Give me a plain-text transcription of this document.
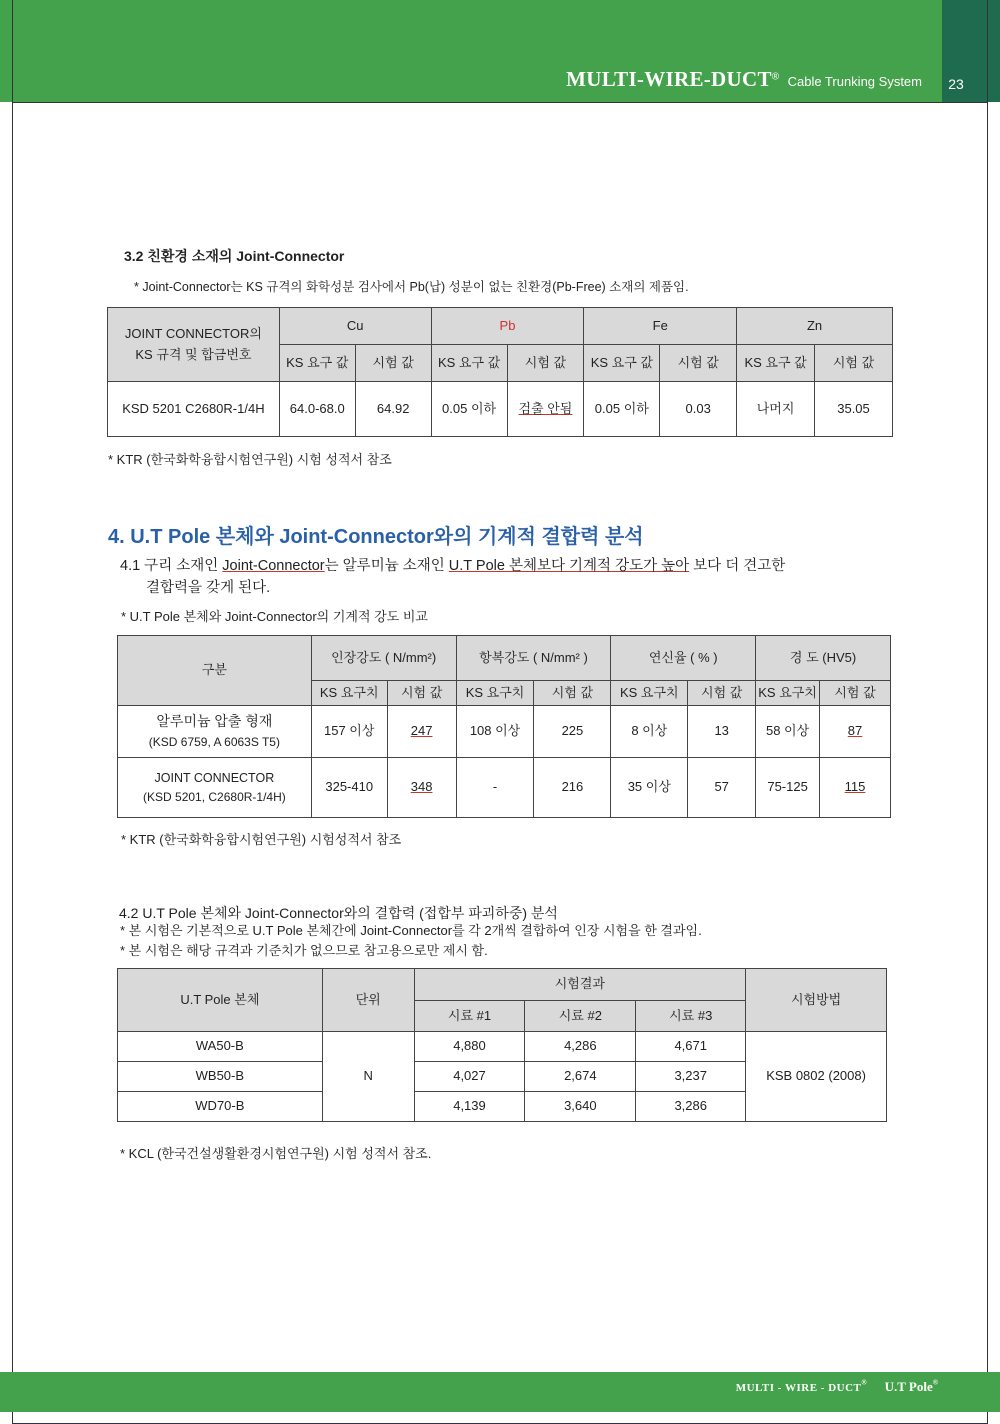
MULTI-WIRE-DUCT® Cable Trunking System	23
3.2 친환경 소재의 Joint-Connector
* Joint-Connector는 KS 규격의 화학성분 검사에서 Pb(납) 성분이 없는 친환경(Pb-Free) 소재의 제품임.
JOINT CONNECTOR의
KS 규격 및 합금번호	Cu		Pb		Fe		Zn	
	KS 요구 값	시험 값	KS 요구 값	시험 값	KS 요구 값	시험 값	KS 요구 값	시험 값
KSD 5201 C2680R-1/4H	64.0-68.0	64.92	0.05 이하	검출 안됨	0.05 이하	0.03	나머지	35.05
* KTR (한국화학융합시험연구원) 시험 성적서 참조
4. U.T Pole 본체와 Joint-Connector와의 기계적 결합력 분석
4.1 구리 소재인 Joint-Connector는 알루미늄 소재인 U.T Pole 본체보다 기계적 강도가 높아 보다 더 견고한
결합력을 갖게 된다.
* U.T Pole 본체와 Joint-Connector의 기계적 강도 비교
구분	인장강도 ( N/mm²)		항복강도 ( N/mm² )		연신율 ( % )		경 도 (HV5)	
	KS 요구치	시험 값	KS 요구치	시험 값	KS 요구치	시험 값	KS 요구치	시험 값

알루미늄 압출 형재
(KSD 6759, A 6063S T5)	157 이상	247	108 이상	225	8 이상	13	58 이상	87

JOINT CONNECTOR
(KSD 5201, C2680R-1/4H)	325-410	348	-	216	35 이상	57	75-125	115
* KTR (한국화학융합시험연구원) 시험성적서 참조
4.2 U.T Pole 본체와 Joint-Connector와의 결합력 (접합부 파괴하중) 분석
* 본 시험은 기본적으로 U.T Pole 본체간에 Joint-Connector를 각 2개씩 결합하여 인장 시험을 한 결과임.
* 본 시험은 해당 규격과 기준치가 없으므로 참고용으로만 제시 함.
U.T Pole 본체	단위	시험결과			시험방법
		시료 #1	시료 #2	시료 #3	
WA50-B	N	4,880	4,286	4,671	KSB 0802 (2008)
WB50-B		4,027	2,674	3,237	
WD70-B		4,139	3,640	3,286	
* KCL (한국건설생활환경시험연구원) 시험 성적서 참조.
MULTI - WIRE - DUCT® U.T Pole®
